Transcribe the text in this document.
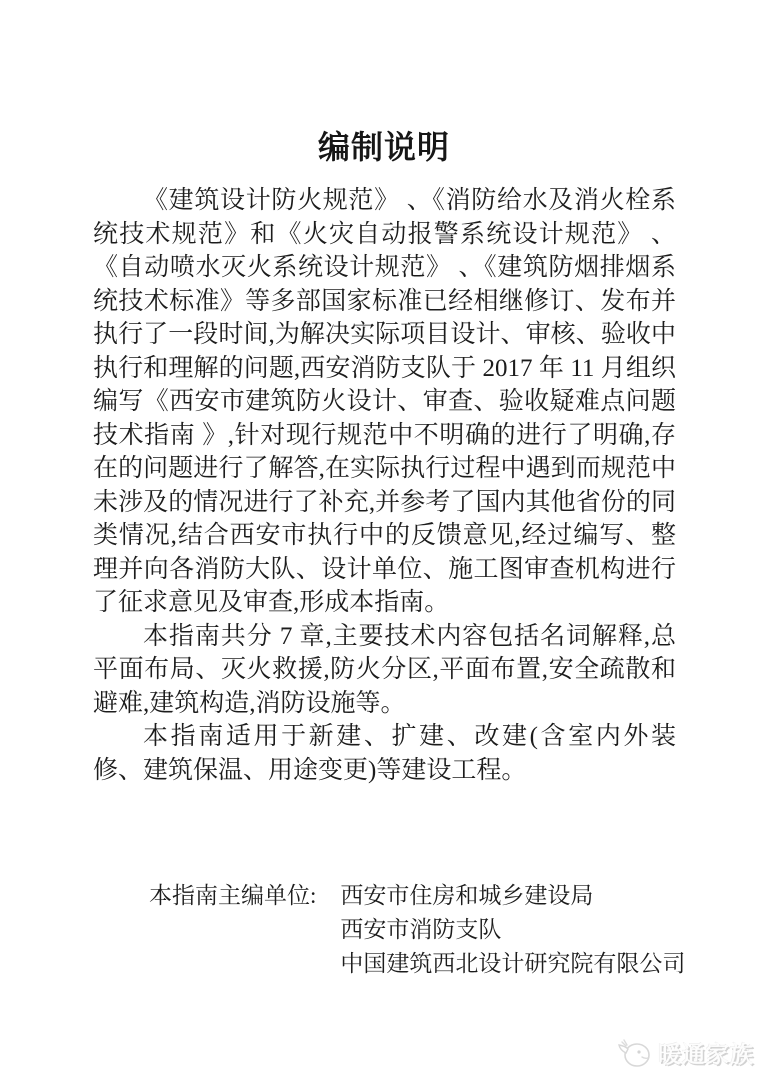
编制说明

《建筑设计防火规范》 、《消防给水及消火栓系统技术规范》和《火灾自动报警系统设计规范》 、《自动喷水灭火系统设计规范》 、《建筑防烟排烟系统技术标准》等多部国家标准已经相继修订、发布并执行了一段时间,为解决实际项目设计、审核、验收中执行和理解的问题,西安消防支队于 2017 年 11 月组织编写《西安市建筑防火设计、审查、验收疑难点问题技术指南 》,针对现行规范中不明确的进行了明确,存在的问题进行了解答,在实际执行过程中遇到而规范中未涉及的情况进行了补充,并参考了国内其他省份的同类情况,结合西安市执行中的反馈意见,经过编写、整理并向各消防大队、设计单位、施工图审查机构进行了征求意见及审查,形成本指南。

本指南共分 7 章,主要技术内容包括名词解释,总平面布局、灭火救援,防火分区,平面布置,安全疏散和避难,建筑构造,消防设施等。

本指南适用于新建、扩建、改建(含室内外装修、建筑保温、用途变更)等建设工程。

本指南主编单位: 西安市住房和城乡建设局
西安市消防支队
中国建筑西北设计研究院有限公司
暖通家族
